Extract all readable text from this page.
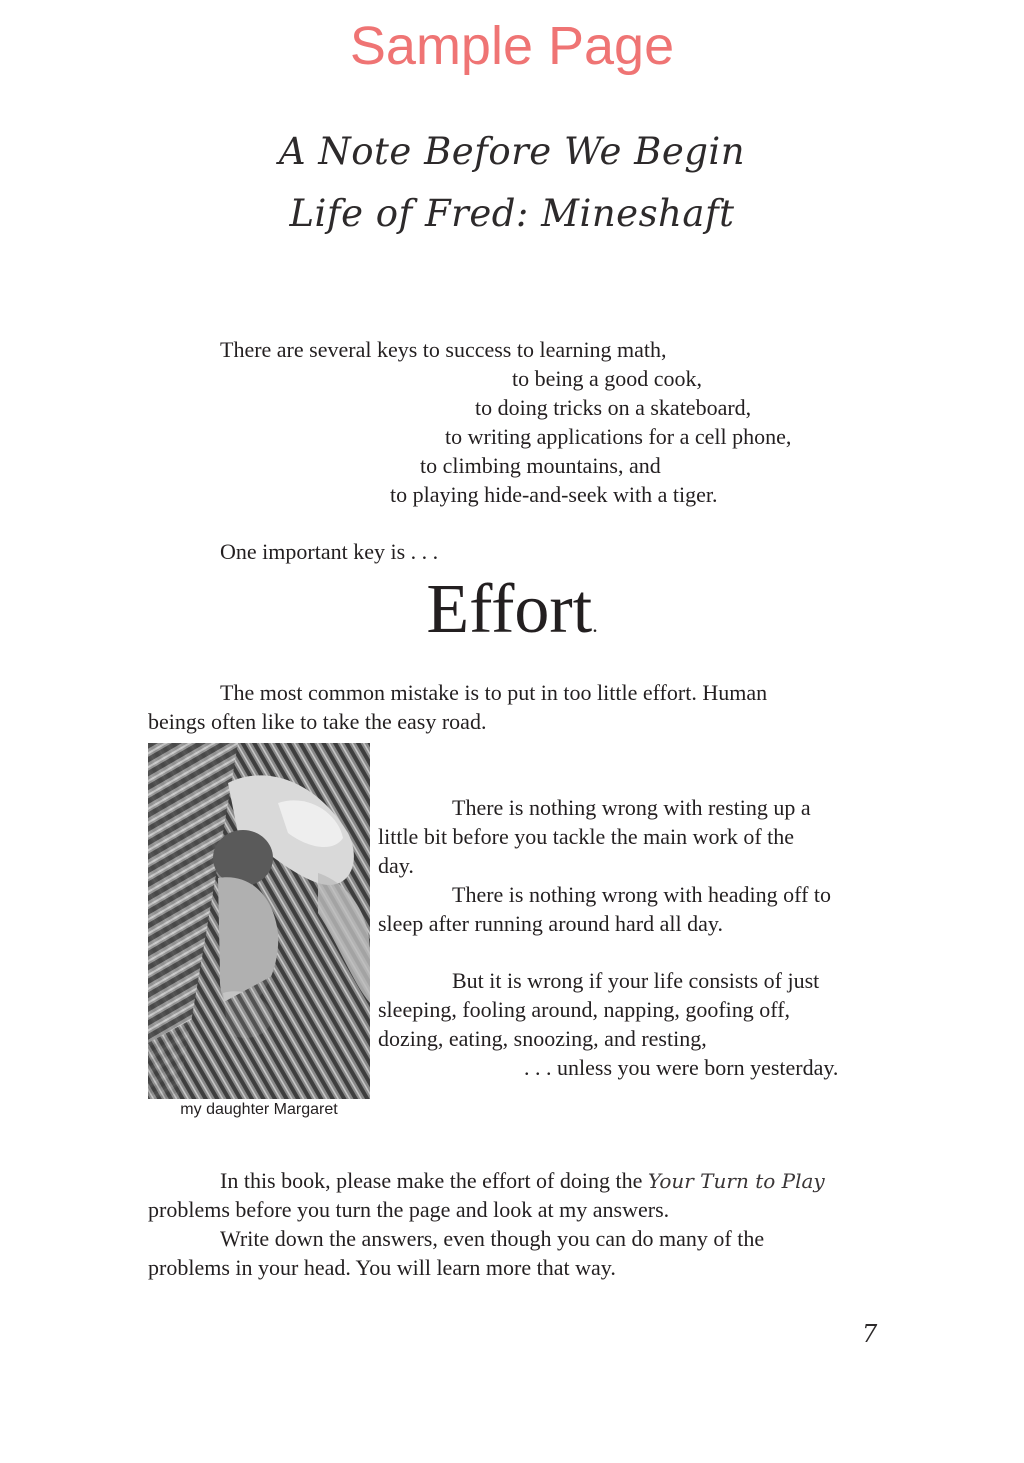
Sample Page
A Note Before We Begin
Life of Fred: Mineshaft
There are several keys to success to learning math,
to being a good cook,
to doing tricks on a skateboard,
to writing applications for a cell phone,
to climbing mountains, and
to playing hide-and-seek with a tiger.
One important key is . . .
Effort.
The most common mistake is to put in too little effort. Human
beings often like to take the easy road.
my daughter Margaret
There is nothing wrong with resting up a
little bit before you tackle the main work of the
day.
There is nothing wrong with heading off to
sleep after running around hard all day.
But it is wrong if your life consists of just
sleeping, fooling around, napping, goofing off,
dozing, eating, snoozing, and resting,
. . . unless you were born yesterday.
In this book, please make the effort of doing the Your Turn to Play
problems before you turn the page and look at my answers.
Write down the answers, even though you can do many of the
problems in your head. You will learn more that way.
7
